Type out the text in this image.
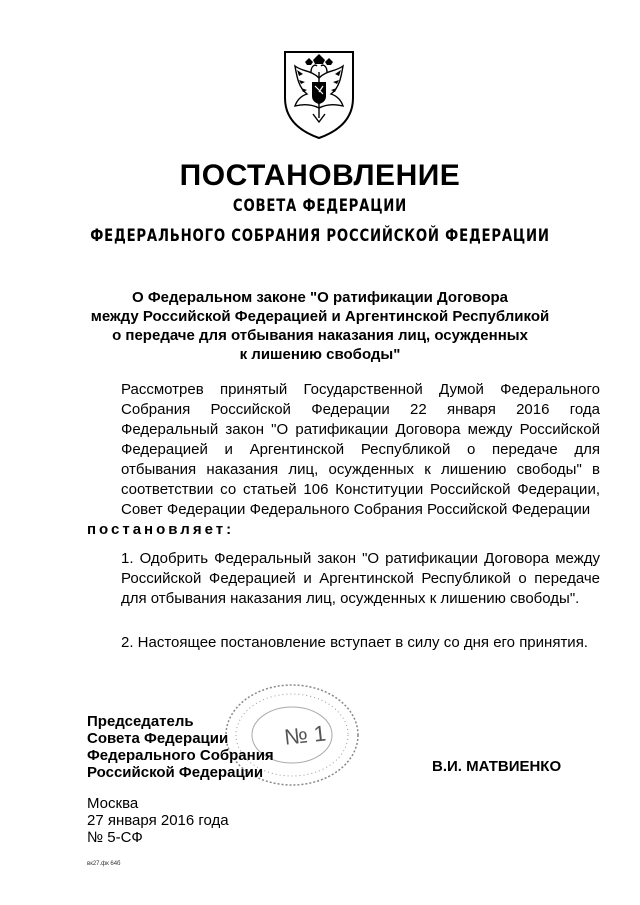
ПОСТАНОВЛЕНИЕ
СОВЕТА ФЕДЕРАЦИИ
ФЕДЕРАЛЬНОГО СОБРАНИЯ РОССИЙСКОЙ ФЕДЕРАЦИИ
О Федеральном законе "О ратификации Договора
между Российской Федерацией и Аргентинской Республикой
о передаче для отбывания наказания лиц, осужденных
к лишению свободы"
Рассмотрев принятый Государственной Думой Федерального Собрания Российской Федерации 22 января 2016 года Федеральный закон "О ратификации Договора между Российской Федерацией и Аргентинской Республикой о передаче для отбывания наказания лиц, осужденных к лишению свободы" в соответствии со статьей 106 Конституции Российской Федерации, Совет Федерации Федерального Собрания Российской Федерации
постановляет:
1. Одобрить Федеральный закон "О ратификации Договора между Российской Федерацией и Аргентинской Республикой о передаче для отбывания наказания лиц, осужденных к лишению свободы".
2. Настоящее постановление вступает в силу со дня его принятия.
№ 1
Председатель
Совета Федерации
Федерального Собрания
Российской Федерации	В.И. МАТВИЕНКО
Москва
27 января 2016 года
№ 5-СФ
вк27.фк 64б
